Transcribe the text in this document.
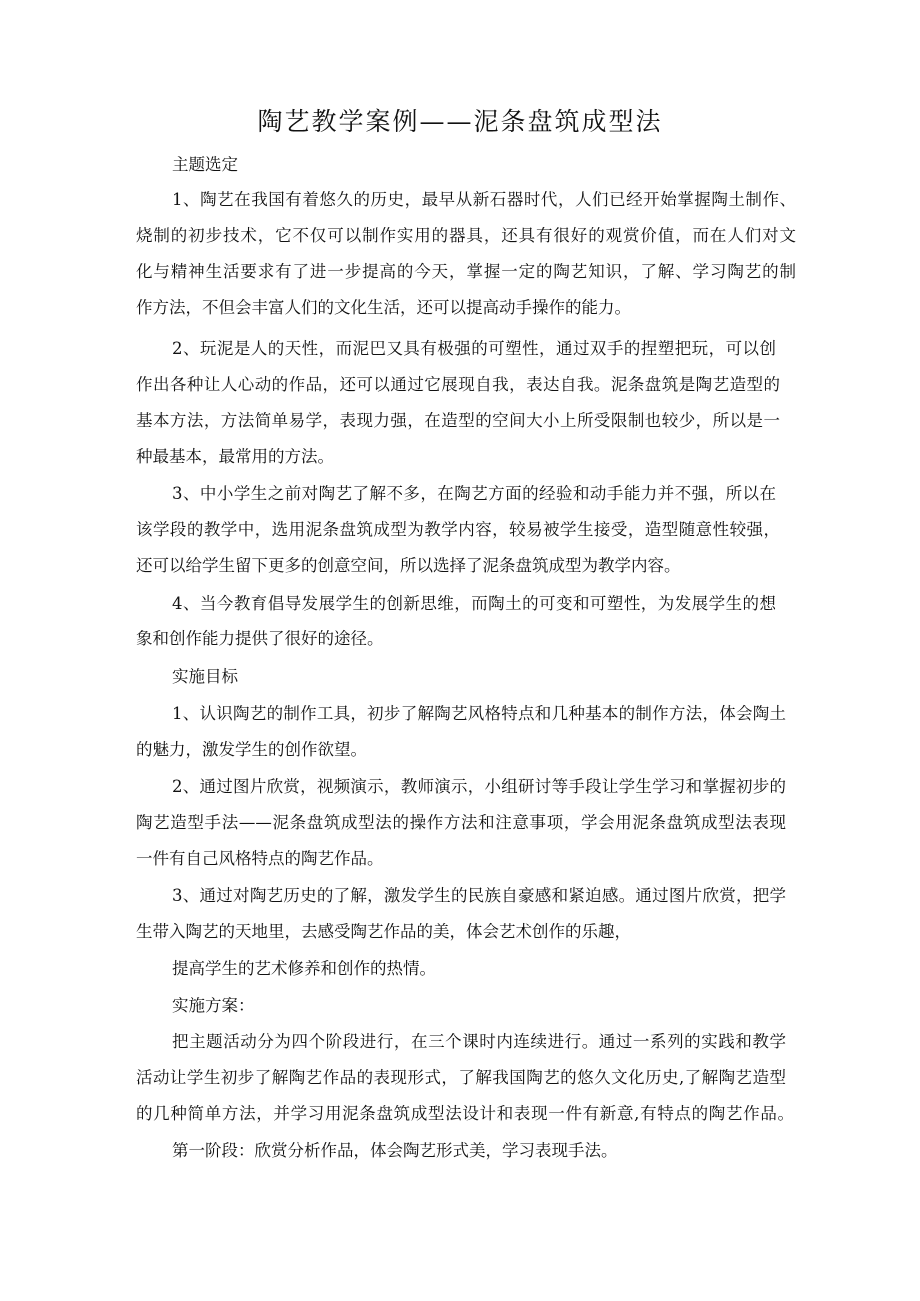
陶艺教学案例——泥条盘筑成型法
主题选定
1、陶艺在我国有着悠久的历史，最早从新石器时代，人们已经开始掌握陶土制作、
烧制的初步技术，它不仅可以制作实用的器具，还具有很好的观赏价值，而在人们对文
化与精神生活要求有了进一步提高的今天，掌握一定的陶艺知识，了解、学习陶艺的制
作方法，不但会丰富人们的文化生活，还可以提高动手操作的能力。
2、玩泥是人的天性，而泥巴又具有极强的可塑性，通过双手的捏塑把玩，可以创
作出各种让人心动的作品，还可以通过它展现自我，表达自我。泥条盘筑是陶艺造型的
基本方法，方法简单易学，表现力强，在造型的空间大小上所受限制也较少，所以是一
种最基本，最常用的方法。
3、中小学生之前对陶艺了解不多，在陶艺方面的经验和动手能力并不强，所以在
该学段的教学中，选用泥条盘筑成型为教学内容，较易被学生接受，造型随意性较强，
还可以给学生留下更多的创意空间，所以选择了泥条盘筑成型为教学内容。
4、当今教育倡导发展学生的创新思维，而陶土的可变和可塑性，为发展学生的想
象和创作能力提供了很好的途径。
实施目标
1、认识陶艺的制作工具，初步了解陶艺风格特点和几种基本的制作方法，体会陶土
的魅力，激发学生的创作欲望。
2、通过图片欣赏，视频演示，教师演示，小组研讨等手段让学生学习和掌握初步的
陶艺造型手法——泥条盘筑成型法的操作方法和注意事项，学会用泥条盘筑成型法表现
一件有自己风格特点的陶艺作品。
3、通过对陶艺历史的了解，激发学生的民族自豪感和紧迫感。通过图片欣赏，把学
生带入陶艺的天地里，去感受陶艺作品的美，体会艺术创作的乐趣，
提高学生的艺术修养和创作的热情。
实施方案：
把主题活动分为四个阶段进行，在三个课时内连续进行。通过一系列的实践和教学
活动让学生初步了解陶艺作品的表现形式，了解我国陶艺的悠久文化历史,了解陶艺造型
的几种简单方法，并学习用泥条盘筑成型法设计和表现一件有新意,有特点的陶艺作品。
第一阶段：欣赏分析作品，体会陶艺形式美，学习表现手法。
